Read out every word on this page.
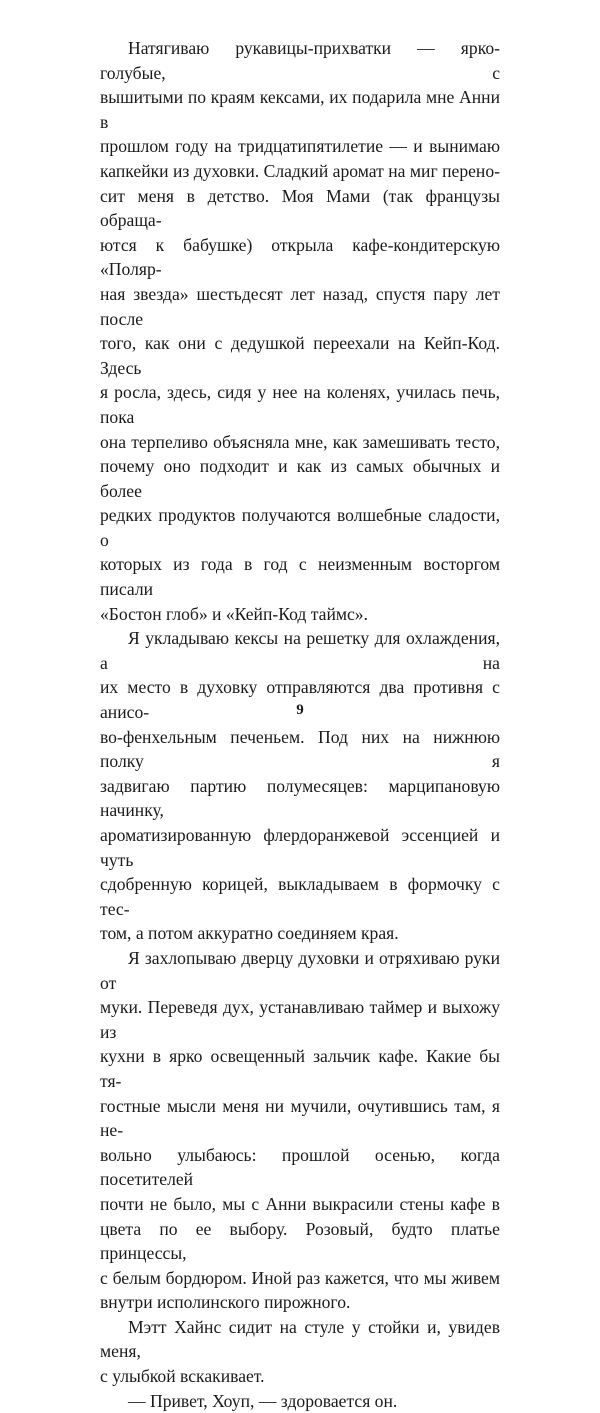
Натягиваю рукавицы-прихватки — ярко-голубые, с
вышитыми по краям кексами, их подарила мне Анни в
прошлом году на тридцатипятилетие — и вынимаю
капкейки из духовки. Сладкий аромат на миг перено-
сит меня в детство. Моя Мами (так французы обраща-
ются к бабушке) открыла кафе-кондитерскую «Поляр-
ная звезда» шестьдесят лет назад, спустя пару лет после
того, как они с дедушкой переехали на Кейп-Код. Здесь
я росла, здесь, сидя у нее на коленях, училась печь, пока
она терпеливо объясняла мне, как замешивать тесто,
почему оно подходит и как из самых обычных и более
редких продуктов получаются волшебные сладости, о
которых из года в год с неизменным восторгом писали
«Бостон глоб» и «Кейп-Код таймс».

Я укладываю кексы на решетку для охлаждения, а на
их место в духовку отправляются два противня с анисо-
во-фенхельным печеньем. Под них на нижнюю полку я
задвигаю партию полумесяцев: марципановую начинку,
ароматизированную флердоранжевой эссенцией и чуть
сдобренную корицей, выкладываем в формочку с тес-
том, а потом аккуратно соединяем края.

Я захлопываю дверцу духовки и отряхиваю руки от
муки. Переведя дух, устанавливаю таймер и выхожу из
кухни в ярко освещенный зальчик кафе. Какие бы тя-
гостные мысли меня ни мучили, очутившись там, я не-
вольно улыбаюсь: прошлой осенью, когда посетителей
почти не было, мы с Анни выкрасили стены кафе в
цвета по ее выбору. Розовый, будто платье принцессы,
с белым бордюром. Иной раз кажется, что мы живем
внутри исполинского пирожного.

Мэтт Хайнс сидит на стуле у стойки и, увидев меня,
с улыбкой вскакивает.

— Привет, Хоуп, — здоровается он.

9
